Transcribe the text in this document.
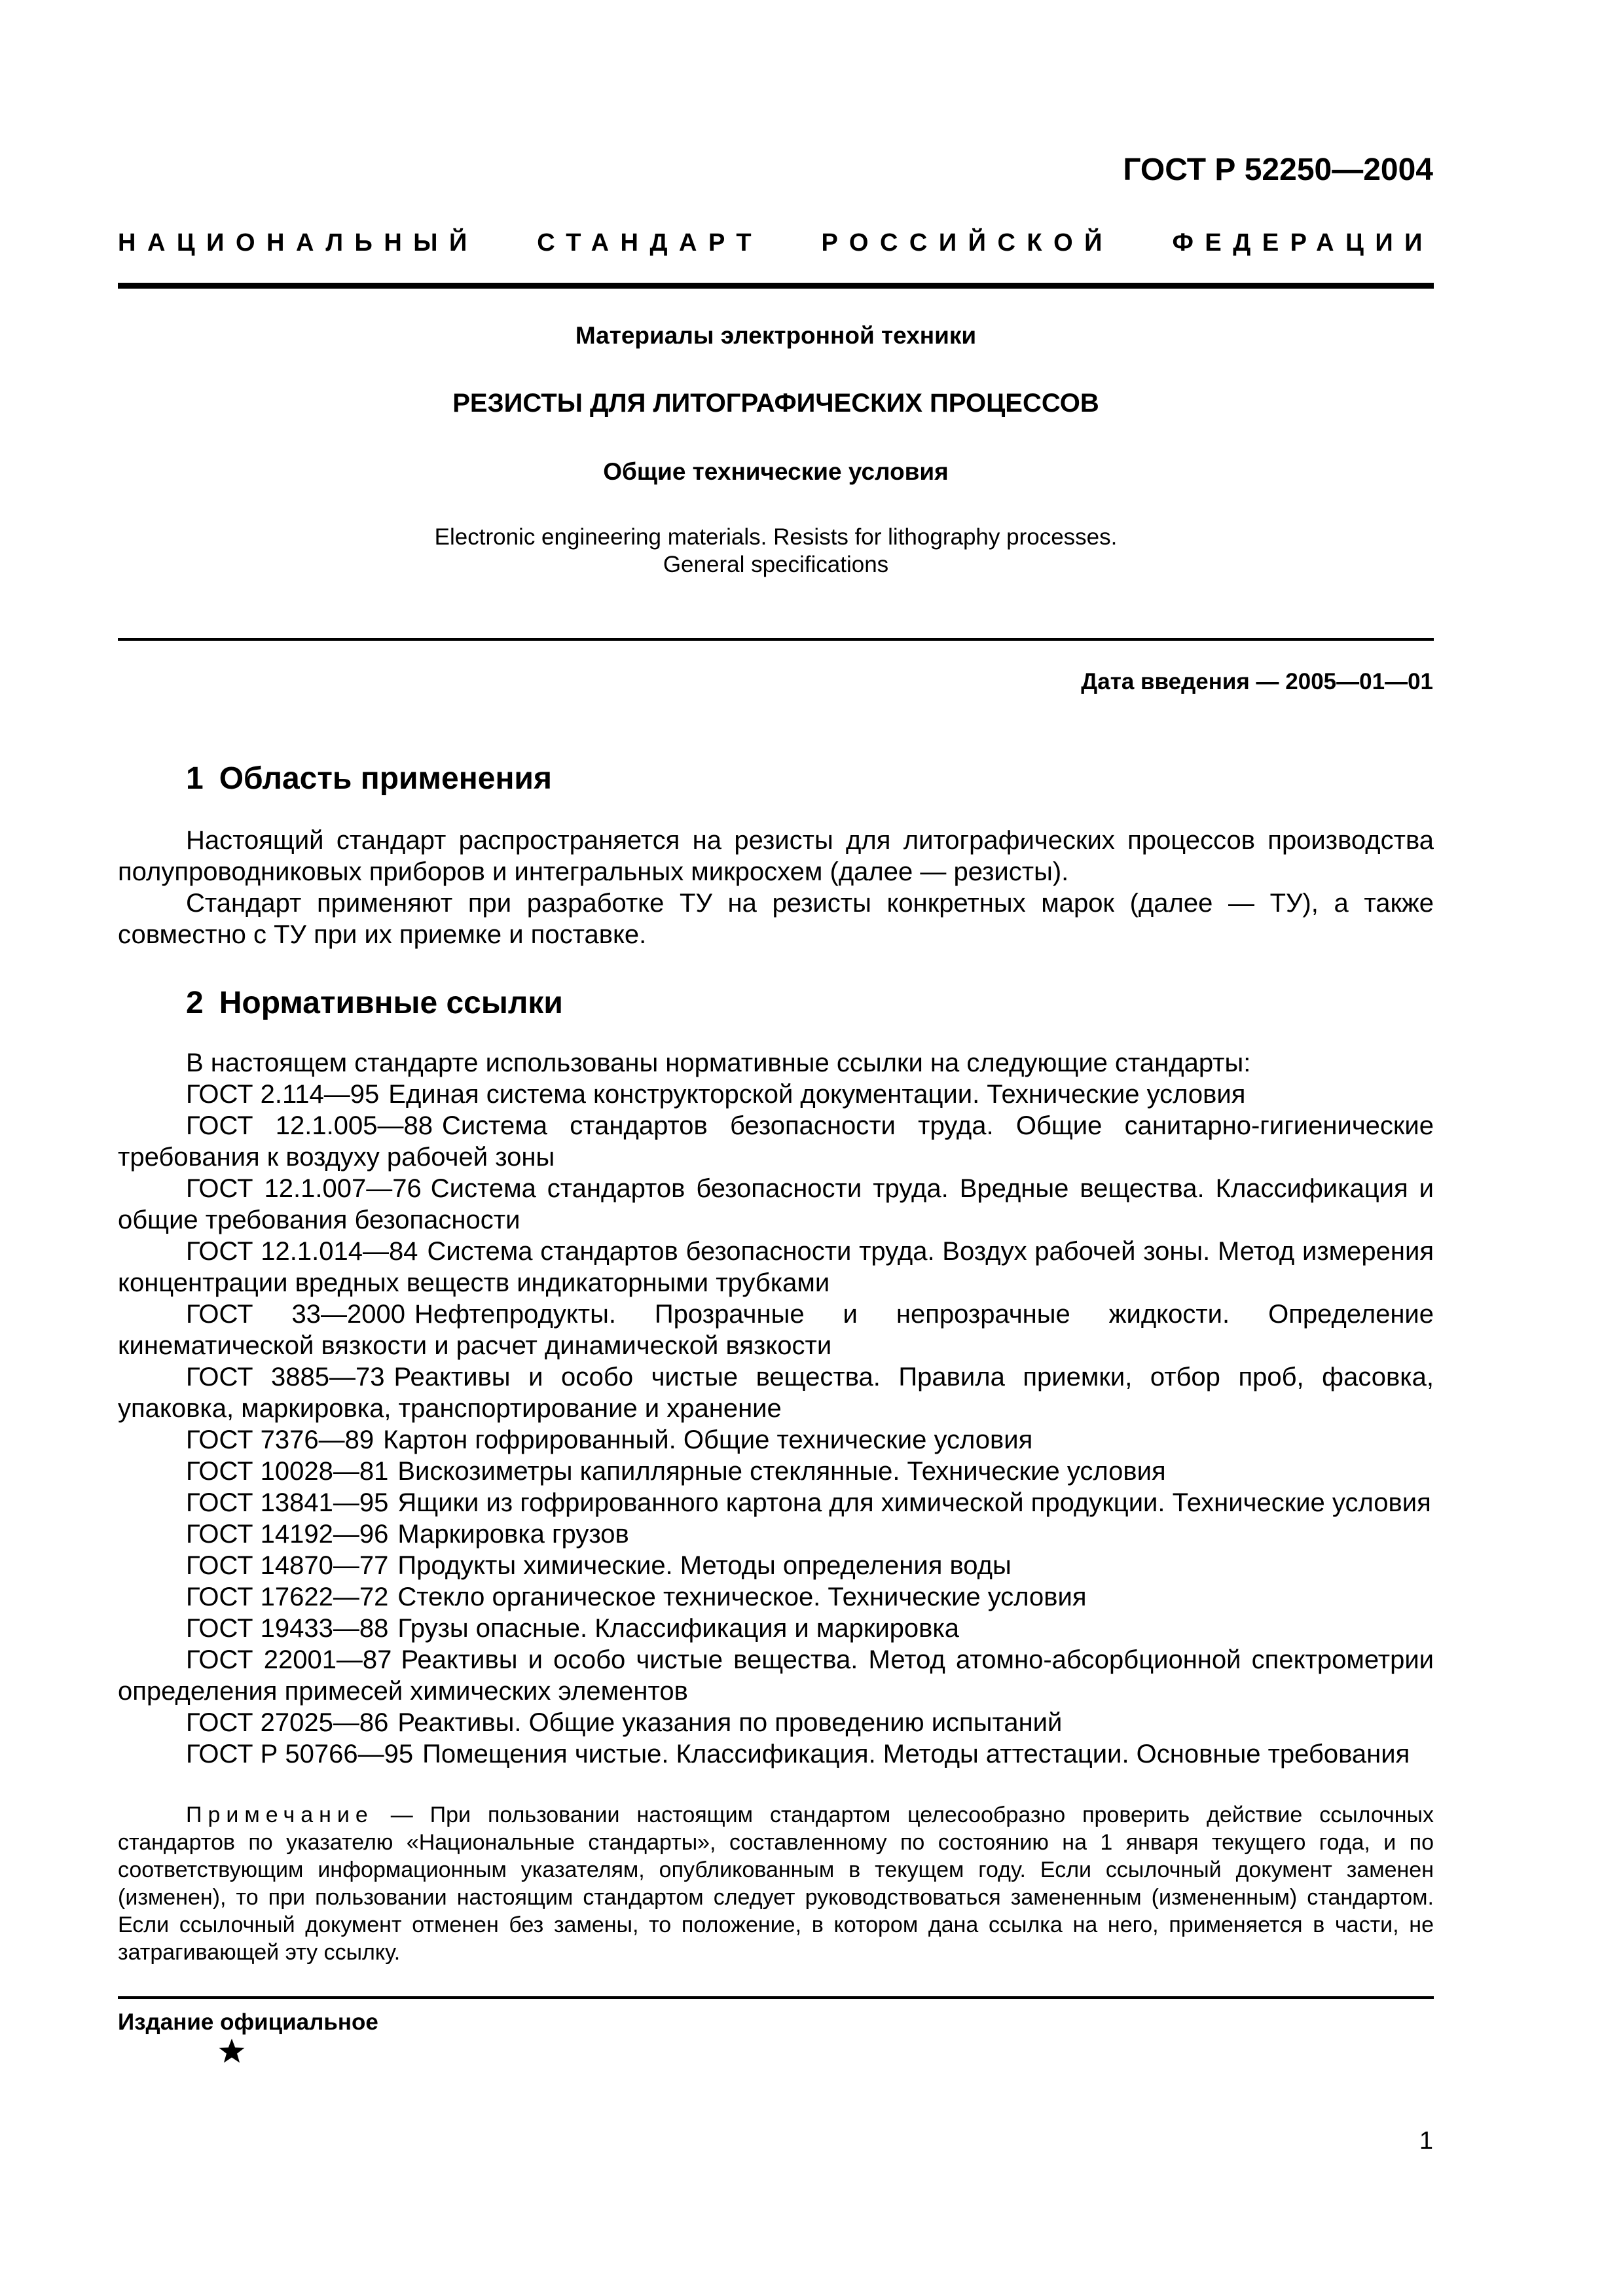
ГОСТ Р 52250—2004
НАЦИОНАЛЬНЫЙ СТАНДАРТ РОССИЙСКОЙ ФЕДЕРАЦИИ
Материалы электронной техники
РЕЗИСТЫ ДЛЯ ЛИТОГРАФИЧЕСКИХ ПРОЦЕССОВ
Общие технические условия
Electronic engineering materials. Resists for lithography processes.
General specifications
Дата введения — 2005—01—01
1 Область применения

Настоящий стандарт распространяется на резисты для литографических процессов производства полупроводниковых приборов и интегральных микросхем (далее — резисты).

Стандарт применяют при разработке ТУ на резисты конкретных марок (далее — ТУ), а также совместно с ТУ при их приемке и поставке.

2 Нормативные ссылки

В настоящем стандарте использованы нормативные ссылки на следующие стандарты:

ГОСТ 2.114—95 Единая система конструкторской документации. Технические условия
ГОСТ 12.1.005—88 Система стандартов безопасности труда. Общие санитарно-гигиенические требования к воздуху рабочей зоны
ГОСТ 12.1.007—76 Система стандартов безопасности труда. Вредные вещества. Классификация и общие требования безопасности
ГОСТ 12.1.014—84 Система стандартов безопасности труда. Воздух рабочей зоны. Метод измерения концентрации вредных веществ индикаторными трубками
ГОСТ 33—2000 Нефтепродукты. Прозрачные и непрозрачные жидкости. Определение кинематической вязкости и расчет динамической вязкости
ГОСТ 3885—73 Реактивы и особо чистые вещества. Правила приемки, отбор проб, фасовка, упаковка, маркировка, транспортирование и хранение
ГОСТ 7376—89 Картон гофрированный. Общие технические условия
ГОСТ 10028—81 Вискозиметры капиллярные стеклянные. Технические условия
ГОСТ 13841—95 Ящики из гофрированного картона для химической продукции. Технические условия
ГОСТ 14192—96 Маркировка грузов
ГОСТ 14870—77 Продукты химические. Методы определения воды
ГОСТ 17622—72 Стекло органическое техническое. Технические условия
ГОСТ 19433—88 Грузы опасные. Классификация и маркировка
ГОСТ 22001—87 Реактивы и особо чистые вещества. Метод атомно-абсорбционной спектрометрии определения примесей химических элементов
ГОСТ 27025—86 Реактивы. Общие указания по проведению испытаний
ГОСТ Р 50766—95 Помещения чистые. Классификация. Методы аттестации. Основные требования
Примечание — При пользовании настоящим стандартом целесообразно проверить действие ссылочных стандартов по указателю «Национальные стандарты», составленному по состоянию на 1 января текущего года, и по соответствующим информационным указателям, опубликованным в текущем году. Если ссылочный документ заменен (изменен), то при пользовании настоящим стандартом следует руководствоваться замененным (измененным) стандартом. Если ссылочный документ отменен без замены, то положение, в котором дана ссылка на него, применяется в части, не затрагивающей эту ссылку.
Издание официальное
1
